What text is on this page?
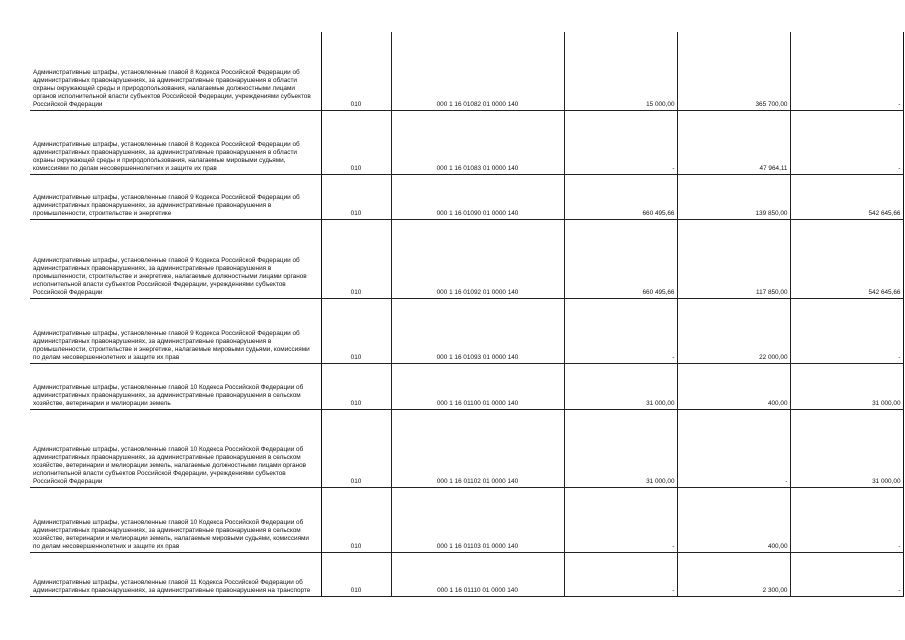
Административные штрафы, установленные главой 8 Кодекса Российской Федерации об административных правонарушениях, за административные правонарушения в области охраны окружающей среды и природопользования, налагаемые должностными лицами органов исполнительной власти субъектов Российской Федерации, учреждениями субъектов Российской Федерации	010	000 1 16 01082 01 0000 140	15 000,00	365 700,00	-
Административные штрафы, установленные главой 8 Кодекса Российской Федерации об административных правонарушениях, за административные правонарушения в области охраны окружающей среды и природопользования, налагаемые мировыми судьями, комиссиями по делам несовершеннолетних и защите их прав	010	000 1 16 01083 01 0000 140	-	47 964,11	-
Административные штрафы, установленные главой 9 Кодекса Российской Федерации об административных правонарушениях, за административные правонарушения в промышленности, строительстве и энергетике	010	000 1 16 01090 01 0000 140	660 495,66	139 850,00	542 645,66
Административные штрафы, установленные главой 9 Кодекса Российской Федерации об административных правонарушениях, за административные правонарушения в промышленности, строительстве и энергетике, налагаемые должностными лицами органов исполнительной власти субъектов Российской Федерации, учреждениями субъектов Российской Федерации	010	000 1 16 01092 01 0000 140	660 495,66	117 850,00	542 645,66
Административные штрафы, установленные главой 9 Кодекса Российской Федерации об административных правонарушениях, за административные правонарушения в промышленности, строительстве и энергетике, налагаемые мировыми судьями, комиссиями по делам несовершеннолетних и защите их прав	010	000 1 16 01093 01 0000 140	-	22 000,00	-
Административные штрафы, установленные главой 10 Кодекса Российской Федерации об административных правонарушениях, за административные правонарушения в сельском хозяйстве, ветеринарии и мелиорации земель	010	000 1 16 01100 01 0000 140	31 000,00	400,00	31 000,00
Административные штрафы, установленные главой 10 Кодекса Российской Федерации об административных правонарушениях, за административные правонарушения в сельском хозяйстве, ветеринарии и мелиорации земель, налагаемые должностными лицами органов исполнительной власти субъектов Российской Федерации, учреждениями субъектов Российской Федерации	010	000 1 16 01102 01 0000 140	31 000,00	-	31 000,00
Административные штрафы, установленные главой 10 Кодекса Российской Федерации об административных правонарушениях, за административные правонарушения в сельском хозяйстве, ветеринарии и мелиорации земель, налагаемые мировыми судьями, комиссиями по делам несовершеннолетних и защите их прав	010	000 1 16 01103 01 0000 140	-	400,00	-
Административные штрафы, установленные главой 11 Кодекса Российской Федерации об административных правонарушениях, за административные правонарушения на транспорте	010	000 1 16 01110 01 0000 140	-	2 300,00	-
